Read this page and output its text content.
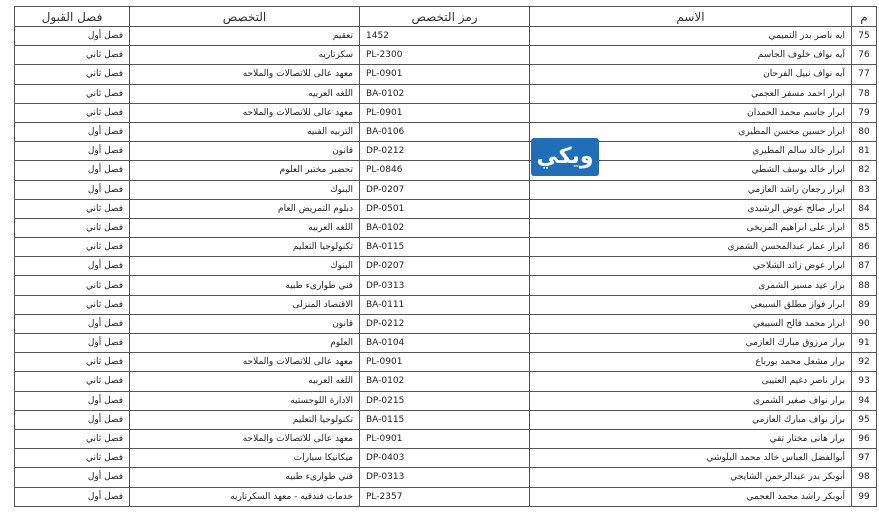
م	الاسم	رمز التخصص	التخصص	فصل القبول
75	ايه ناصر بدر التميمي	1452	تعقيم	فصل أول
76	آيه نواف خلوف الجاسم	PL-2300	سكرتاريه	فصل ثاني
77	آيه نواف نبيل الفرحان	PL-0901	معهد عالى للاتصالات والملاحه	فصل ثاني
78	ابرار احمد مسفر العجمي	BA-0102	اللغه العربيه	فصل ثاني
79	ابرار جاسم محمد الحمدان	PL-0901	معهد عالى للاتصالات والملاحه	فصل ثاني
80	ابرار حسين محسن المطيري	BA-0106	التربيه الفنيه	فصل أول
81	ابرار خالد سالم المطيري	DP-0212	قانون	فصل أول
82	ابرار خالد يوسف الشطي	PL-0846	تحضير مختبر العلوم	فصل أول
83	ابرار رجعان راشد العازمي	DP-0207	البنوك	فصل أول
84	ابرار صالح عوض الرشيدي	DP-0501	دبلوم التمريض العام	فصل ثاني
85	ابرار على ابراهيم المريخى	BA-0102	اللغه العربيه	فصل ثاني
86	ابرار عمار عبدالمحسن الشمري	BA-0115	تكنولوجيا التعليم	فصل ثاني
87	ابرار عوض زائد الشلاحي	DP-0207	البنوك	فصل أول
88	برار عيد مسير الشمرى	DP-0313	فني طوارىء طبيه	فصل ثاني
89	ابرار فواز مطلق السبيعي	BA-0111	الاقتصاد المنزلى	فصل ثاني
90	ابرار محمد فالح السبيعي	DP-0212	قانون	فصل أول
91	برار مرزوق مبارك العازمى	BA-0104	العلوم	فصل أول
92	برار مشعل محمد بورباع	PL-0901	معهد عالى للاتصالات والملاحه	فصل ثاني
93	برار ناصر دغيم العتيبى	BA-0102	اللغه العربيه	فصل ثاني
94	برار نواف صغير الشمرى	DP-0215	الادارة اللوجستيه	فصل أول
95	برار نواف مبارك العازمي	BA-0115	تكنولوجيا التعليم	فصل أول
96	برار هانى مختار تقي	PL-0901	معهد عالى للاتصالات والملاحه	فصل ثاني
97	أبوالفضل العباس خالد محمد البلوشي	DP-0403	ميكانيكا سيارات	فصل ثاني
98	أبوبكر بدر عبدالرحمن الشايجي	DP-0313	فني طوارىء طبيه	فصل أول
99	أبوبكر راشد محمد العجمي	PL-2357	خدمات فندقيه - معهد السكرتاريه	فصل أول
ويكي
